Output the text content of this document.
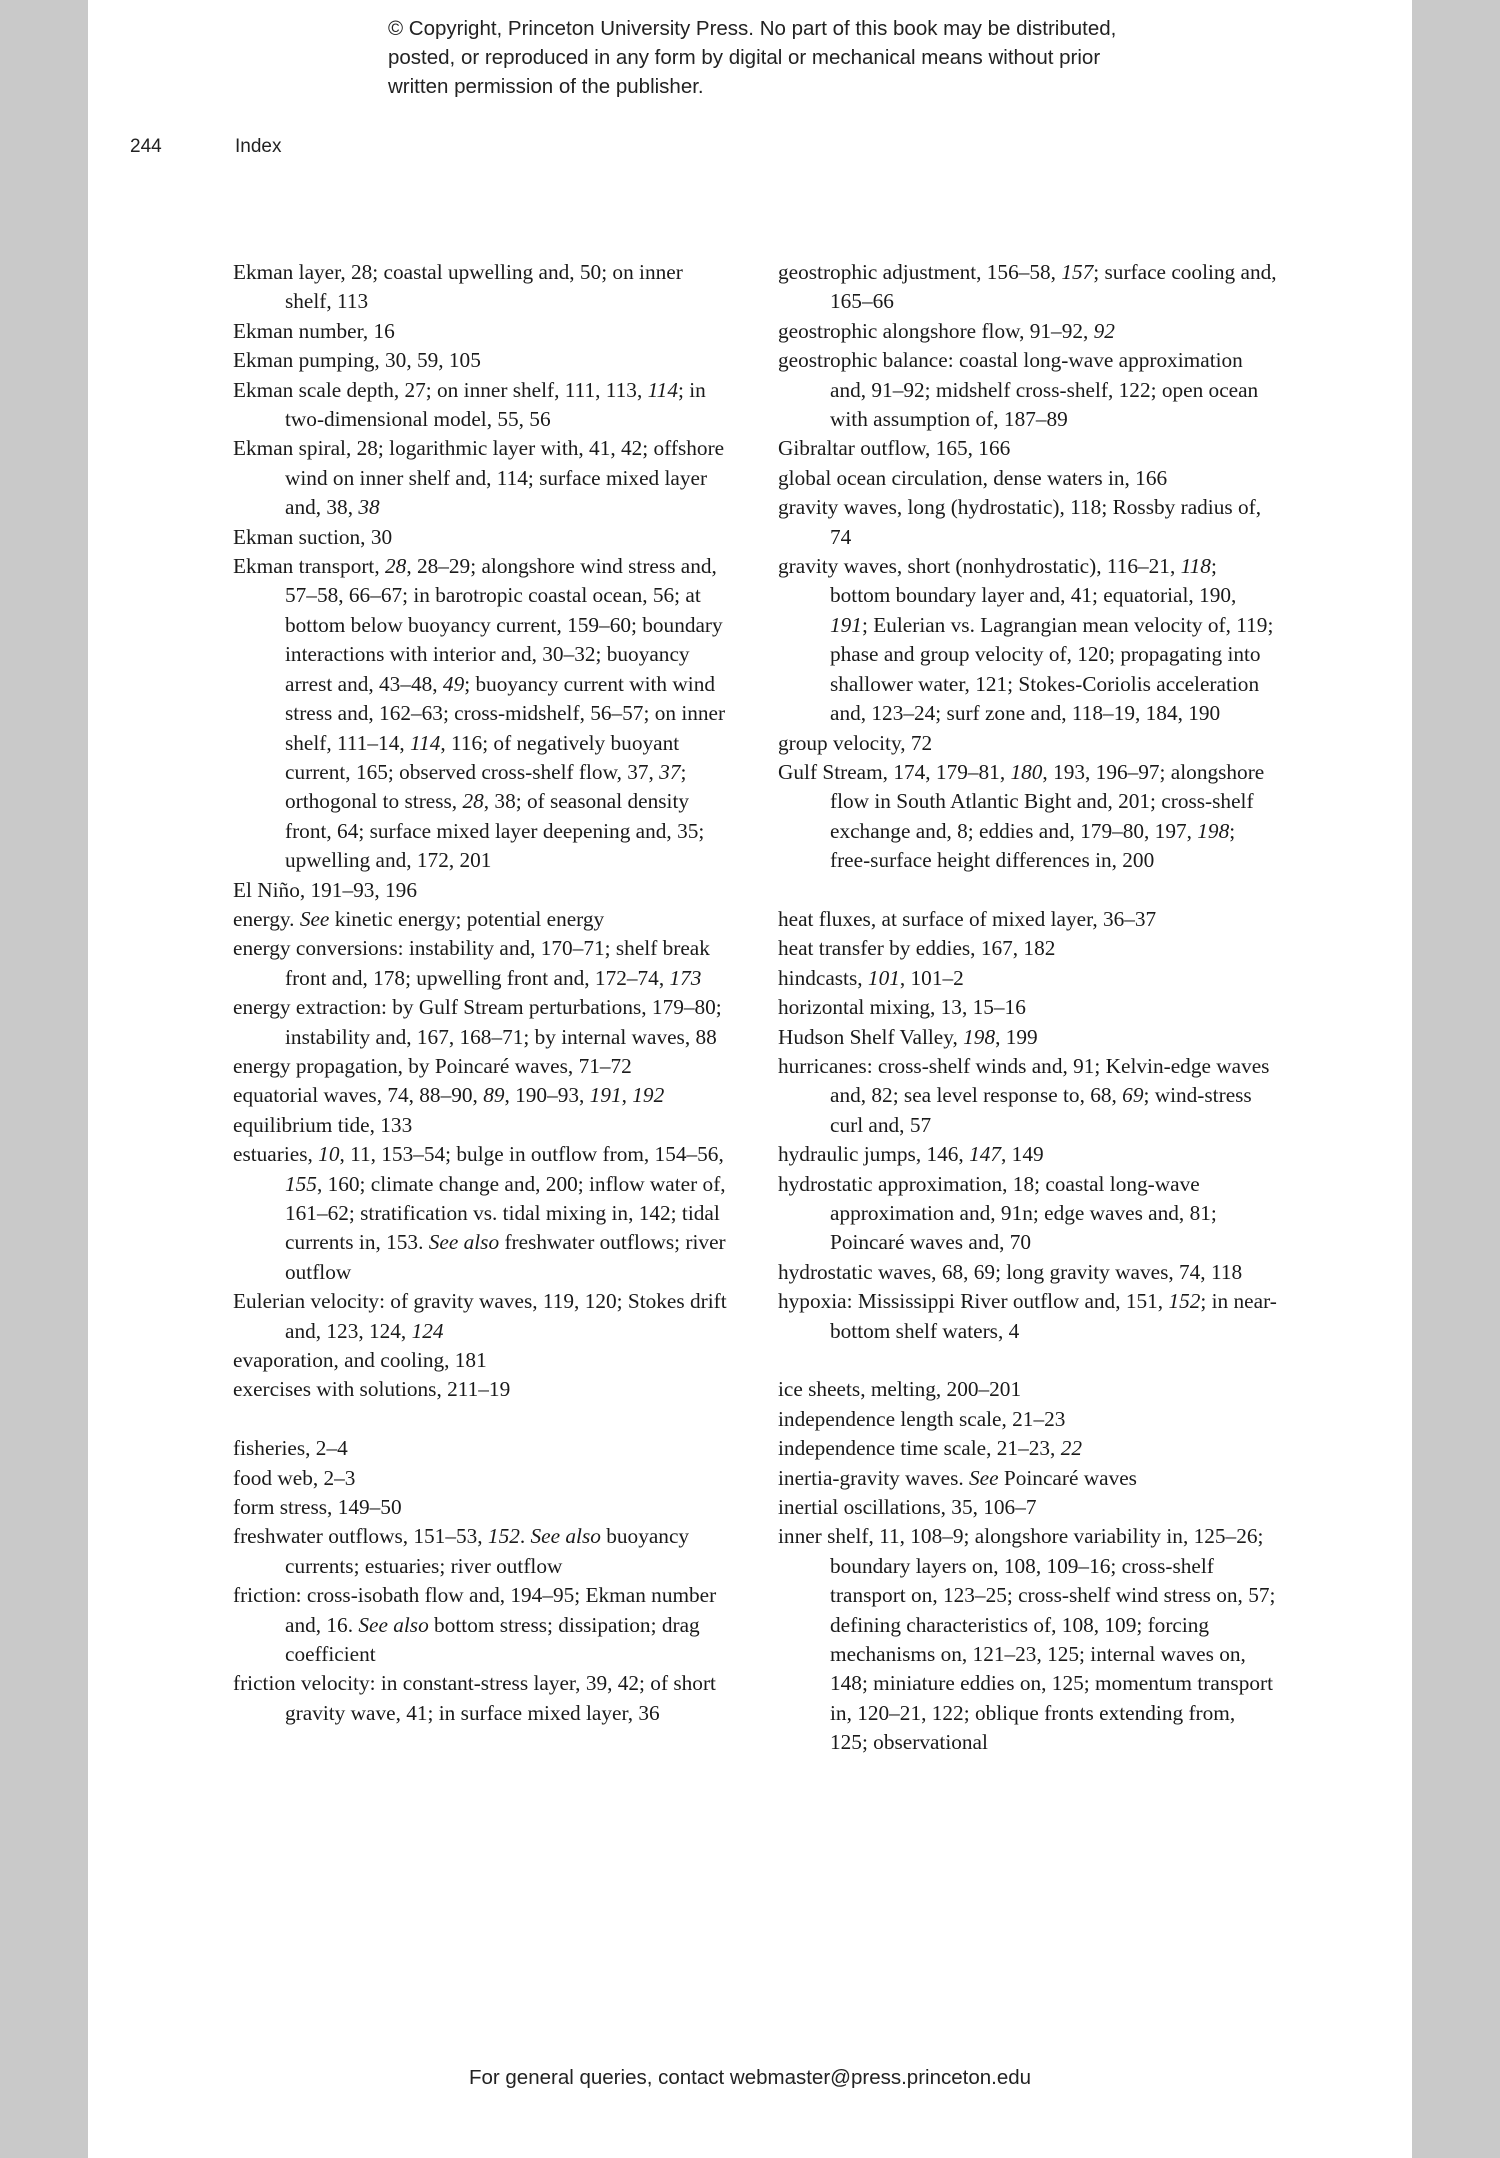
© Copyright, Princeton University Press. No part of this book may be distributed, posted, or reproduced in any form by digital or mechanical means without prior written permission of the publisher.
244	Index
Ekman layer, 28; coastal upwelling and, 50; on inner shelf, 113
Ekman number, 16
Ekman pumping, 30, 59, 105
Ekman scale depth, 27; on inner shelf, 111, 113, 114; in two-dimensional model, 55, 56
Ekman spiral, 28; logarithmic layer with, 41, 42; offshore wind on inner shelf and, 114; surface mixed layer and, 38, 38
Ekman suction, 30
Ekman transport, 28, 28–29; alongshore wind stress and, 57–58, 66–67; in barotropic coastal ocean, 56; at bottom below buoyancy current, 159–60; boundary interactions with interior and, 30–32; buoyancy arrest and, 43–48, 49; buoyancy current with wind stress and, 162–63; cross-midshelf, 56–57; on inner shelf, 111–14, 114, 116; of negatively buoyant current, 165; observed cross-shelf flow, 37, 37; orthogonal to stress, 28, 38; of seasonal density front, 64; surface mixed layer deepening and, 35; upwelling and, 172, 201
El Niño, 191–93, 196
energy. See kinetic energy; potential energy
energy conversions: instability and, 170–71; shelf break front and, 178; upwelling front and, 172–74, 173
energy extraction: by Gulf Stream perturbations, 179–80; instability and, 167, 168–71; by internal waves, 88
energy propagation, by Poincaré waves, 71–72
equatorial waves, 74, 88–90, 89, 190–93, 191, 192
equilibrium tide, 133
estuaries, 10, 11, 153–54; bulge in outflow from, 154–56, 155, 160; climate change and, 200; inflow water of, 161–62; stratification vs. tidal mixing in, 142; tidal currents in, 153. See also freshwater outflows; river outflow
Eulerian velocity: of gravity waves, 119, 120; Stokes drift and, 123, 124, 124
evaporation, and cooling, 181
exercises with solutions, 211–19
fisheries, 2–4
food web, 2–3
form stress, 149–50
freshwater outflows, 151–53, 152. See also buoyancy currents; estuaries; river outflow
friction: cross-isobath flow and, 194–95; Ekman number and, 16. See also bottom stress; dissipation; drag coefficient
friction velocity: in constant-stress layer, 39, 42; of short gravity wave, 41; in surface mixed layer, 36
geostrophic adjustment, 156–58, 157; surface cooling and, 165–66
geostrophic alongshore flow, 91–92, 92
geostrophic balance: coastal long-wave approximation and, 91–92; midshelf cross-shelf, 122; open ocean with assumption of, 187–89
Gibraltar outflow, 165, 166
global ocean circulation, dense waters in, 166
gravity waves, long (hydrostatic), 118; Rossby radius of, 74
gravity waves, short (nonhydrostatic), 116–21, 118; bottom boundary layer and, 41; equatorial, 190, 191; Eulerian vs. Lagrangian mean velocity of, 119; phase and group velocity of, 120; propagating into shallower water, 121; Stokes-Coriolis acceleration and, 123–24; surf zone and, 118–19, 184, 190
group velocity, 72
Gulf Stream, 174, 179–81, 180, 193, 196–97; alongshore flow in South Atlantic Bight and, 201; cross-shelf exchange and, 8; eddies and, 179–80, 197, 198; free-surface height differences in, 200
heat fluxes, at surface of mixed layer, 36–37
heat transfer by eddies, 167, 182
hindcasts, 101, 101–2
horizontal mixing, 13, 15–16
Hudson Shelf Valley, 198, 199
hurricanes: cross-shelf winds and, 91; Kelvin-edge waves and, 82; sea level response to, 68, 69; wind-stress curl and, 57
hydraulic jumps, 146, 147, 149
hydrostatic approximation, 18; coastal long-wave approximation and, 91n; edge waves and, 81; Poincaré waves and, 70
hydrostatic waves, 68, 69; long gravity waves, 74, 118
hypoxia: Mississippi River outflow and, 151, 152; in near-bottom shelf waters, 4
ice sheets, melting, 200–201
independence length scale, 21–23
independence time scale, 21–23, 22
inertia-gravity waves. See Poincaré waves
inertial oscillations, 35, 106–7
inner shelf, 11, 108–9; alongshore variability in, 125–26; boundary layers on, 108, 109–16; cross-shelf transport on, 123–25; cross-shelf wind stress on, 57; defining characteristics of, 108, 109; forcing mechanisms on, 121–23, 125; internal waves on, 148; miniature eddies on, 125; momentum transport in, 120–21, 122; oblique fronts extending from, 125; observational
For general queries, contact webmaster@press.princeton.edu
